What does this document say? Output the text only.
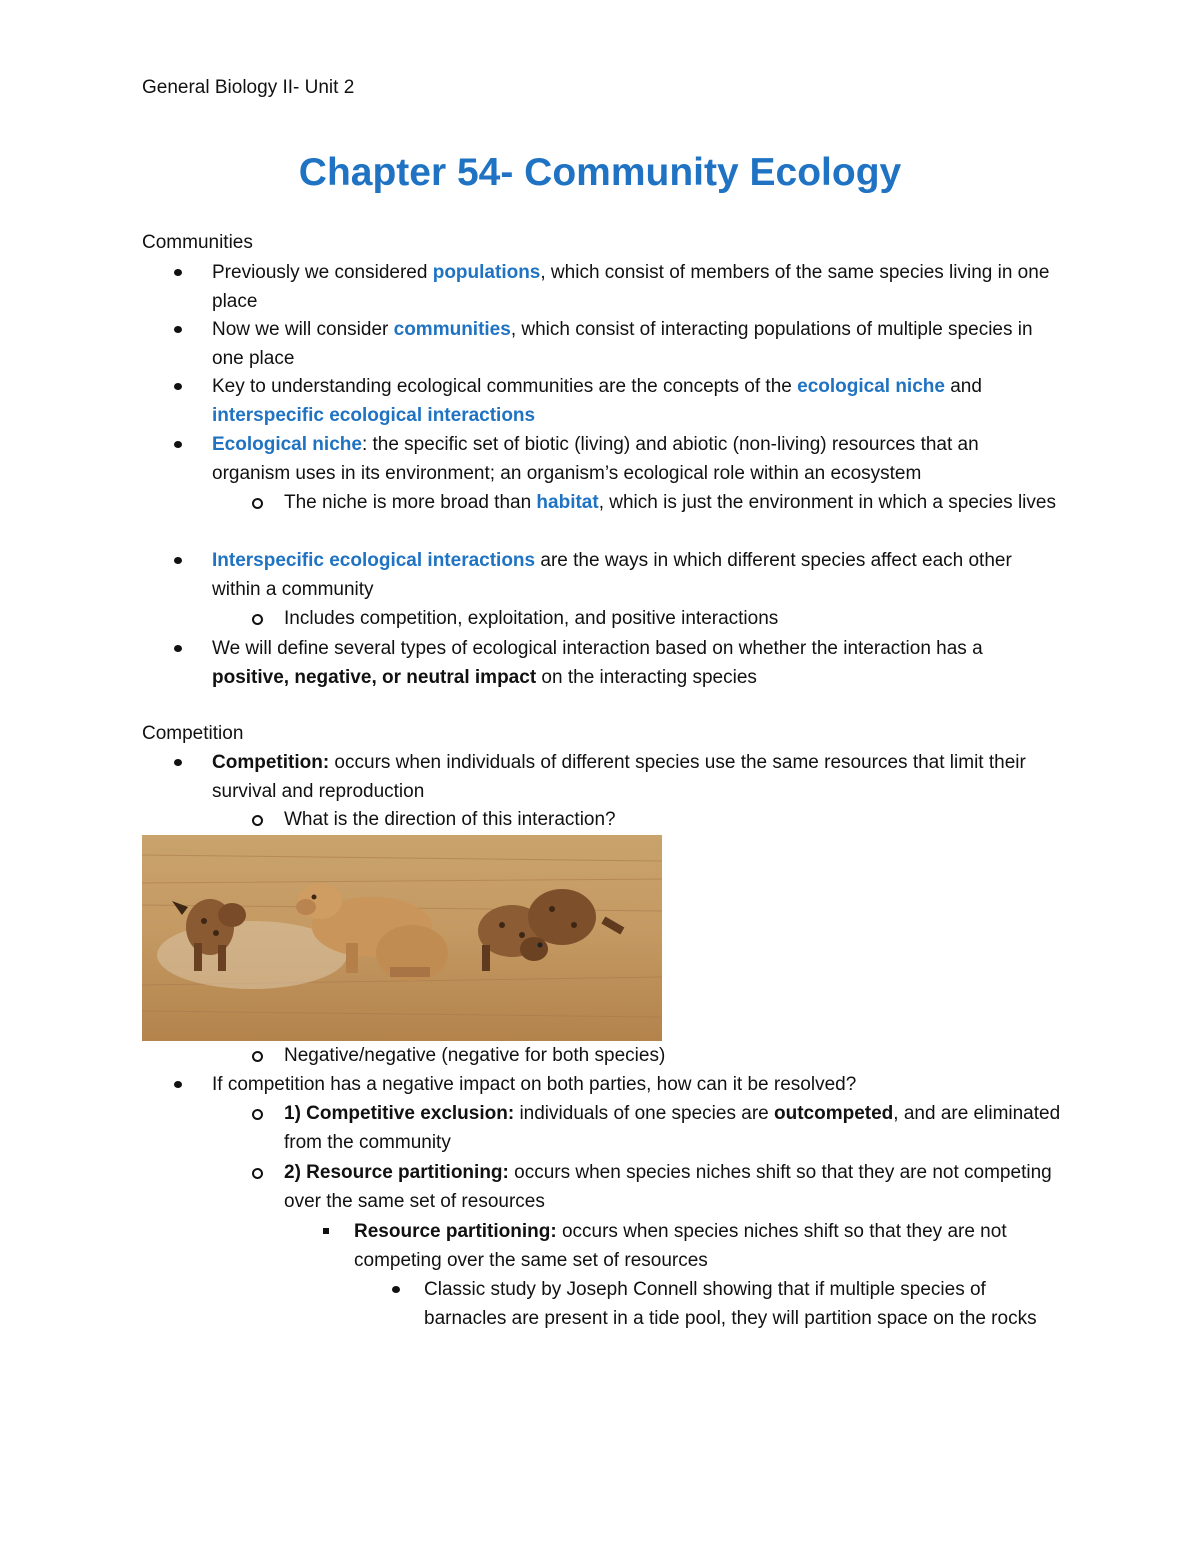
General Biology II- Unit 2
Chapter 54- Community Ecology
Communities
Previously we considered populations, which consist of members of the same species living in one place
Now we will consider communities, which consist of interacting populations of multiple species in one place
Key to understanding ecological communities are the concepts of the ecological niche and interspecific ecological interactions
Ecological niche: the specific set of biotic (living) and abiotic (non-living) resources that an organism uses in its environment; an organism’s ecological role within an ecosystem
The niche is more broad than habitat, which is just the environment in which a species lives
Interspecific ecological interactions are the ways in which different species affect each other within a community
Includes competition, exploitation, and positive interactions
We will define several types of ecological interaction based on whether the interaction has a positive, negative, or neutral impact on the interacting species
Competition
Competition: occurs when individuals of different species use the same resources that limit their survival and reproduction
What is the direction of this interaction?
Negative/negative (negative for both species)
If competition has a negative impact on both parties, how can it be resolved?
1) Competitive exclusion: individuals of one species are outcompeted, and are eliminated from the community
2) Resource partitioning: occurs when species niches shift so that they are not competing over the same set of resources
Resource partitioning: occurs when species niches shift so that they are not competing over the same set of resources
Classic study by Joseph Connell showing that if multiple species of barnacles are present in a tide pool, they will partition space on the rocks
